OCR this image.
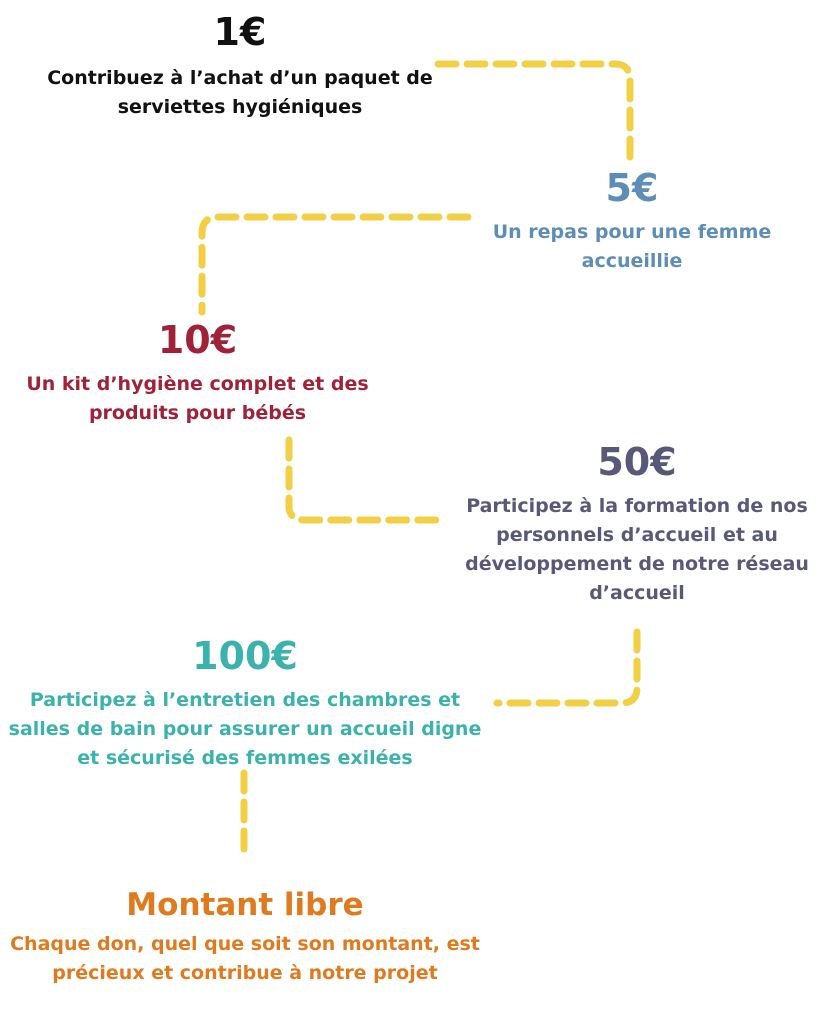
1€
Contribuez à l’achat d’un paquet de
serviettes hygiéniques
5€
Un repas pour une femme
accueillie
10€
Un kit d’hygiène complet et des
produits pour bébés
50€
Participez à la formation de nos
personnels d’accueil et au
développement de notre réseau
d’accueil
100€
Participez à l’entretien des chambres et
salles de bain pour assurer un accueil digne
et sécurisé des femmes exilées
Montant libre
Chaque don, quel que soit son montant, est
précieux et contribue à notre projet
